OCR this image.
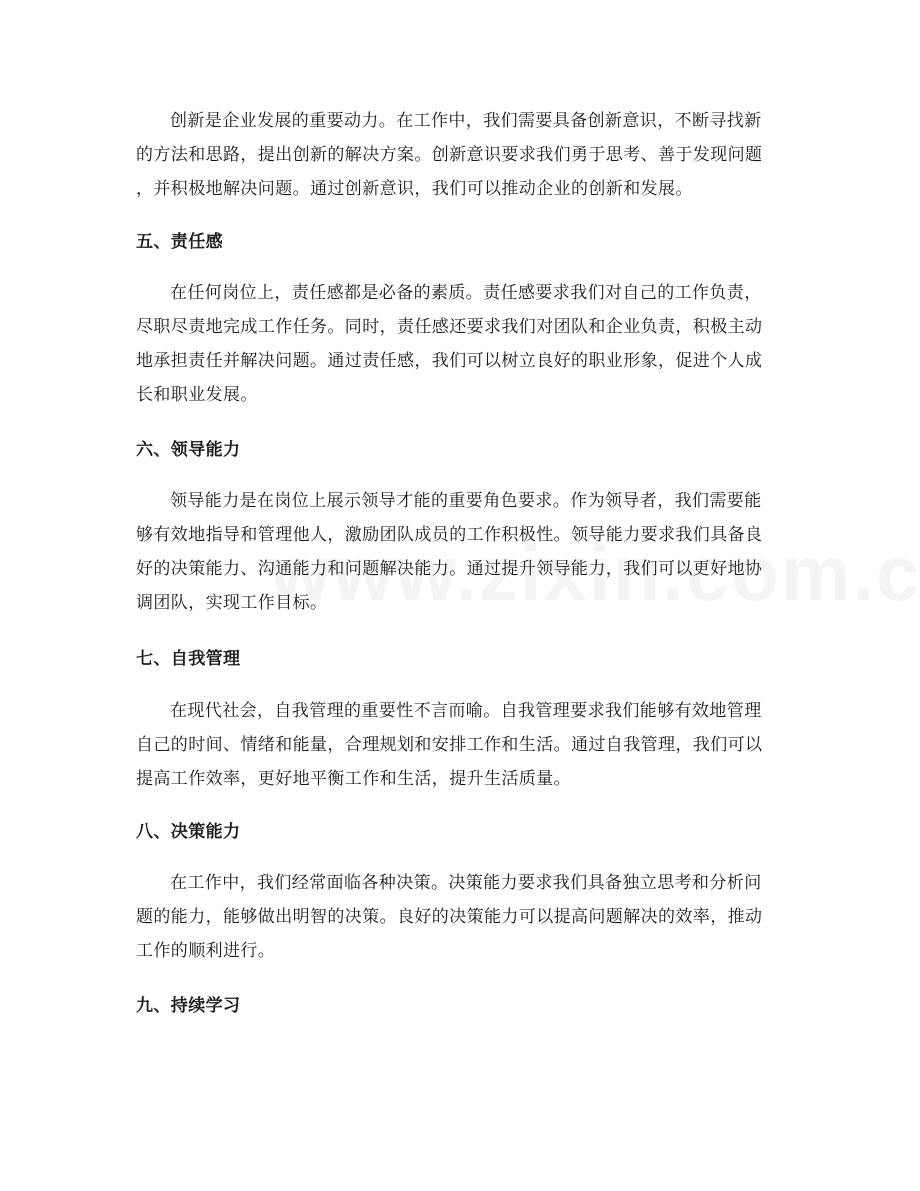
创新是企业发展的重要动力。在工作中，我们需要具备创新意识，不断寻找新
的方法和思路，提出创新的解决方案。创新意识要求我们勇于思考、善于发现问题
，并积极地解决问题。通过创新意识，我们可以推动企业的创新和发展。

五、责任感

在任何岗位上，责任感都是必备的素质。责任感要求我们对自己的工作负责，
尽职尽责地完成工作任务。同时，责任感还要求我们对团队和企业负责，积极主动
地承担责任并解决问题。通过责任感，我们可以树立良好的职业形象，促进个人成
长和职业发展。

六、领导能力

领导能力是在岗位上展示领导才能的重要角色要求。作为领导者，我们需要能
够有效地指导和管理他人，激励团队成员的工作积极性。领导能力要求我们具备良
好的决策能力、沟通能力和问题解决能力。通过提升领导能力，我们可以更好地协
调团队，实现工作目标。

七、自我管理

在现代社会，自我管理的重要性不言而喻。自我管理要求我们能够有效地管理
自己的时间、情绪和能量，合理规划和安排工作和生活。通过自我管理，我们可以
提高工作效率，更好地平衡工作和生活，提升生活质量。

八、决策能力

在工作中，我们经常面临各种决策。决策能力要求我们具备独立思考和分析问
题的能力，能够做出明智的决策。良好的决策能力可以提高问题解决的效率，推动
工作的顺利进行。

九、持续学习
